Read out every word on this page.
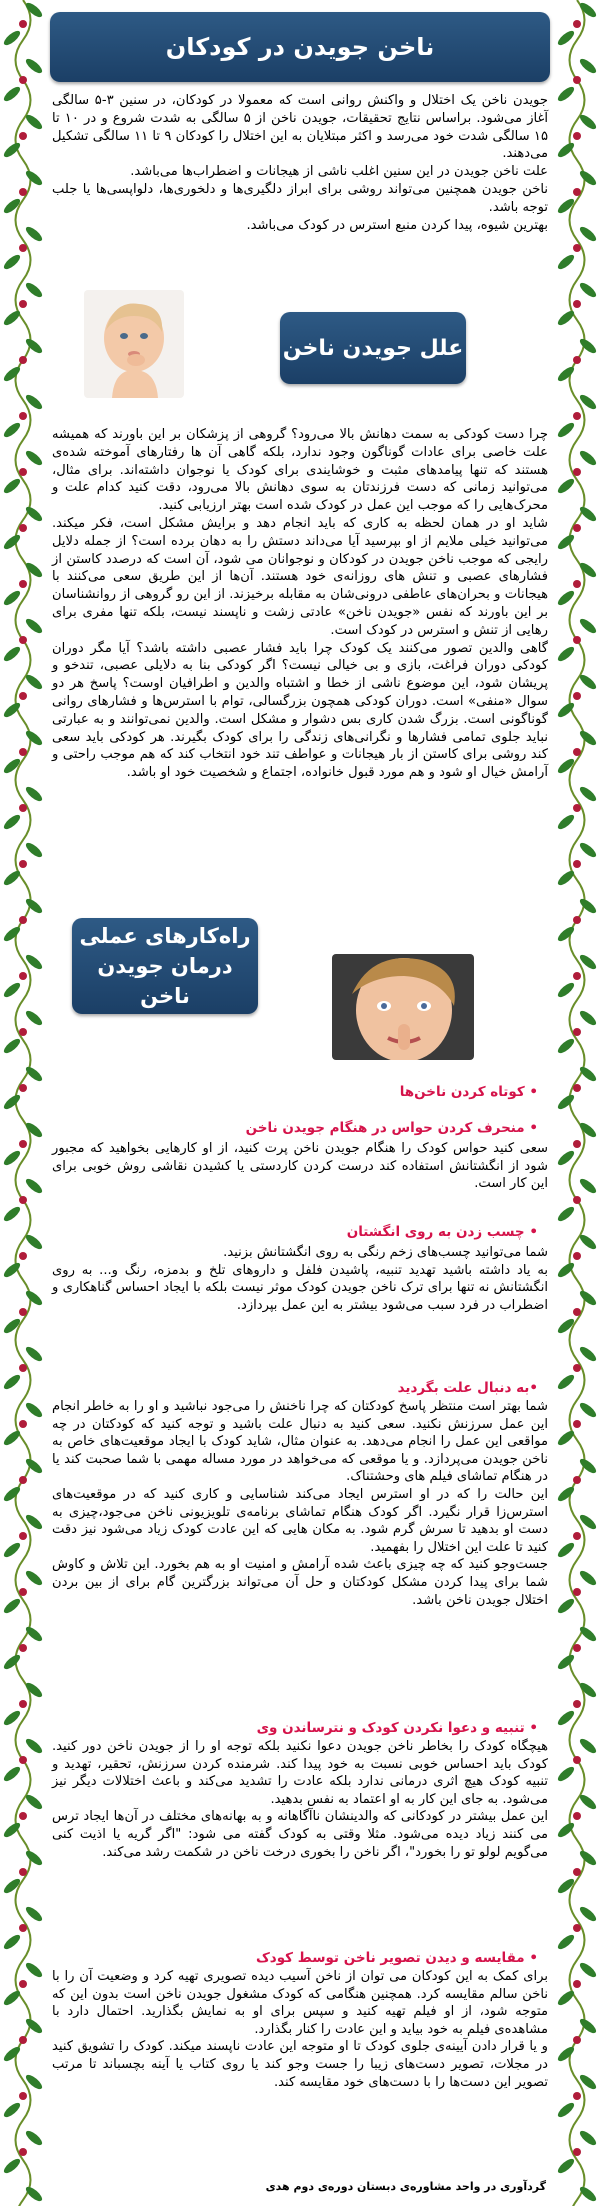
ناخن جویدن در کودکان

جویدن ناخن یک اختلال و واکنش روانی است که معمولا در کودکان، در سنین ۳-۵ سالگی آغاز می‌شود. براساس نتایج تحقیقات، جویدن ناخن از ۵ سالگی به شدت شروع و در ۱۰ تا ۱۵ سالگی شدت خود می‌رسد و اکثر مبتلایان به این اختلال را کودکان ۹ تا ۱۱ سالگی تشکیل می‌دهند.

علت ناخن جویدن در این سنین اغلب ناشی از هیجانات و اضطراب‌ها می‌باشد.

ناخن جویدن همچنین می‌تواند روشی برای ابراز دلگیری‌ها و دلخوری‌ها، دلواپسی‌ها یا جلب توجه باشد.

بهترین شیوه، پیدا کردن منبع استرس در کودک می‌باشد.

علل جویدن ناخن

چرا دست کودکی به سمت دهانش بالا می‌رود؟ گروهی از پزشکان بر این باورند که همیشه علت خاصی برای عادات گوناگون وجود ندارد، بلکه گاهی آن ها رفتارهای آموخته شده‌ی هستند که تنها پیامدهای مثبت و خوشایندی برای کودک یا نوجوان داشته‌اند. برای مثال، می‌توانید زمانی که دست فرزندتان به سوی دهانش بالا می‌رود، دقت کنید کدام علت و محرک‌هایی را که موجب این عمل در کودک شده است بهتر ارزیابی کنید.

شاید او در همان لحظه به کاری که باید انجام دهد و برایش مشکل است، فکر میکند. می‌توانید خیلی ملایم از او بپرسید آیا می‌داند دستش را به دهان برده است؟ از جمله دلایل رایجی که موجب ناخن جویدن در کودکان و نوجوانان می شود، آن است که درصدد کاستن از فشارهای عصبی و تنش های روزانه‌ی خود هستند. آن‌ها از این طریق سعی می‌کنند با هیجانات و بحران‌های عاطفی درونی‌شان به مقابله برخیزند. از این رو گروهی از روانشناسان بر این باورند که نفس «جویدن ناخن» عادتی زشت و ناپسند نیست، بلکه تنها مفری برای رهایی از تنش و استرس در کودک است.

گاهی والدین تصور می‌کنند یک کودک چرا باید فشار عصبی داشته باشد؟ آیا مگر دوران کودکی دوران فراغت، بازی و بی خیالی نیست؟ اگر کودکی بنا به دلایلی عصبی، تندخو و پریشان شود، این موضوع ناشی از خطا و اشتباه والدین و اطرافیان اوست؟ پاسخ هر دو سوال «منفی» است. دوران کودکی همچون بزرگسالی، توام با استرس‌ها و فشارهای روانی گوناگونی است. بزرگ شدن کاری بس دشوار و مشکل است. والدین نمی‌توانند و به عبارتی نباید جلوی تمامی فشارها و نگرانی‌های زندگی را برای کودک بگیرند. هر کودکی باید سعی کند روشی برای کاستن از بار هیجانات و عواطف تند خود انتخاب کند که هم موجب راحتی و آرامش خیال او شود و هم مورد قبول خانواده، اجتماع و شخصیت خود او باشد.

راه‌کارهای عملی
درمان جویدن ناخن
• کوتاه کردن ناخن‌ها
• منحرف کردن حواس در هنگام جویدن ناخن

سعی کنید حواس کودک را هنگام جویدن ناخن پرت کنید، از او کارهایی بخواهید که مجبور شود از انگشتانش استفاده کند درست کردن کاردستی یا کشیدن نقاشی روش خوبی برای این کار است.

• چسب زدن به روی انگشتان

شما می‌توانید چسب‌های زخم رنگی به روی انگشتانش بزنید.

به یاد داشته باشید تهدید تنبیه، پاشیدن فلفل و داروهای تلخ و بدمزه، رنگ و... به روی انگشتانش نه تنها برای ترک ناخن جویدن کودک موثر نیست بلکه با ایجاد احساس گناهکاری و اضطراب در فرد سبب می‌شود بیشتر به این عمل بپردازد.

•به دنبال علت بگردید

شما بهتر است منتظر پاسخ کودکتان که چرا ناخنش را می‌جود نباشید و او را به خاطر انجام این عمل سرزنش نکنید. سعی کنید به دنبال علت باشید و توجه کنید که کودکتان در چه مواقعی این عمل را انجام می‌دهد. به عنوان مثال، شاید کودک با ایجاد موقعیت‌های خاص به ناخن جویدن می‌پردازد. و یا موقعی که می‌خواهد در مورد مساله‌ مهمی با شما صحبت کند یا در هنگام تماشای فیلم های وحشتناک.

این حالت را که در او استرس ایجاد می‌کند شناسایی و کاری کنید که در موقعیت‌های استرس‌زا قرار نگیرد. اگر کودک هنگام تماشای برنامه‌ی تلویزیونی ناخن می‌جود،چیزی به دست او بدهید تا سرش گرم شود. به مکان هایی که این عادت کودک زیاد می‌شود نیز دقت کنید تا علت این اختلال را بفهمید.

جست‌وجو کنید که چه چیزی باعث شده آرامش و امنیت او به هم بخورد. این تلاش و کاوش شما برای پیدا کردن مشکل کودکتان و حل آن می‌تواند بزرگترین گام برای از بین بردن اختلال جویدن ناخن باشد.

• تنبیه و دعوا نکردن کودک و نترساندن وی

هیچگاه کودک را بخاطر ناخن جویدن دعوا نکنید بلکه توجه او را از جویدن ناخن دور کنید. کودک باید احساس خوبی نسبت به خود پیدا کند. شرمنده کردن سرزنش، تحقیر، تهدید و تنبیه کودک هیچ اثری درمانی ندارد بلکه عادت را تشدید می‌کند و باعث اختلالات دیگر نیز می‌شود. به جای این کار به او اعتماد به نفس بدهید.

این عمل بیشتر در کودکانی که والدینشان ناآگاهانه و به بهانه‌های مختلف در آن‌ها ایجاد ترس می کنند زیاد دیده می‌شود. مثلا وقتی به کودک گفته می شود: "اگر گریه یا اذیت کنی می‌گویم لولو تو را بخورد"، اگر ناخن را بخوری درخت ناخن در شکمت رشد می‌کند.

• مقایسه و دیدن تصویر ناخن توسط کودک

برای کمک به این کودکان می توان از ناخن آسیب دیده تصویری تهیه کرد و وضعیت آن را با ناخن سالم مقایسه کرد. همچنین هنگامی که کودک مشغول جویدن ناخن است بدون این که متوجه شود، از او فیلم تهیه کنید و سپس برای او به نمایش بگذارید. احتمال دارد با مشاهده‌ی فیلم به خود بیاید و این عادت را کنار بگذارد.

و یا قرار دادن آیینه‌ی جلوی کودک تا او متوجه این عادت ناپسند میکند. کودک را تشویق کنید در مجلات، تصویر دست‌های زیبا را جست وجو کند یا روی کتاب یا آینه بچسباند تا مرتب تصویر این دست‌ها را با دست‌های خود مقایسه کند.

گردآوری در واحد مشاوره‌ی دبستان دوره‌ی دوم هدی
